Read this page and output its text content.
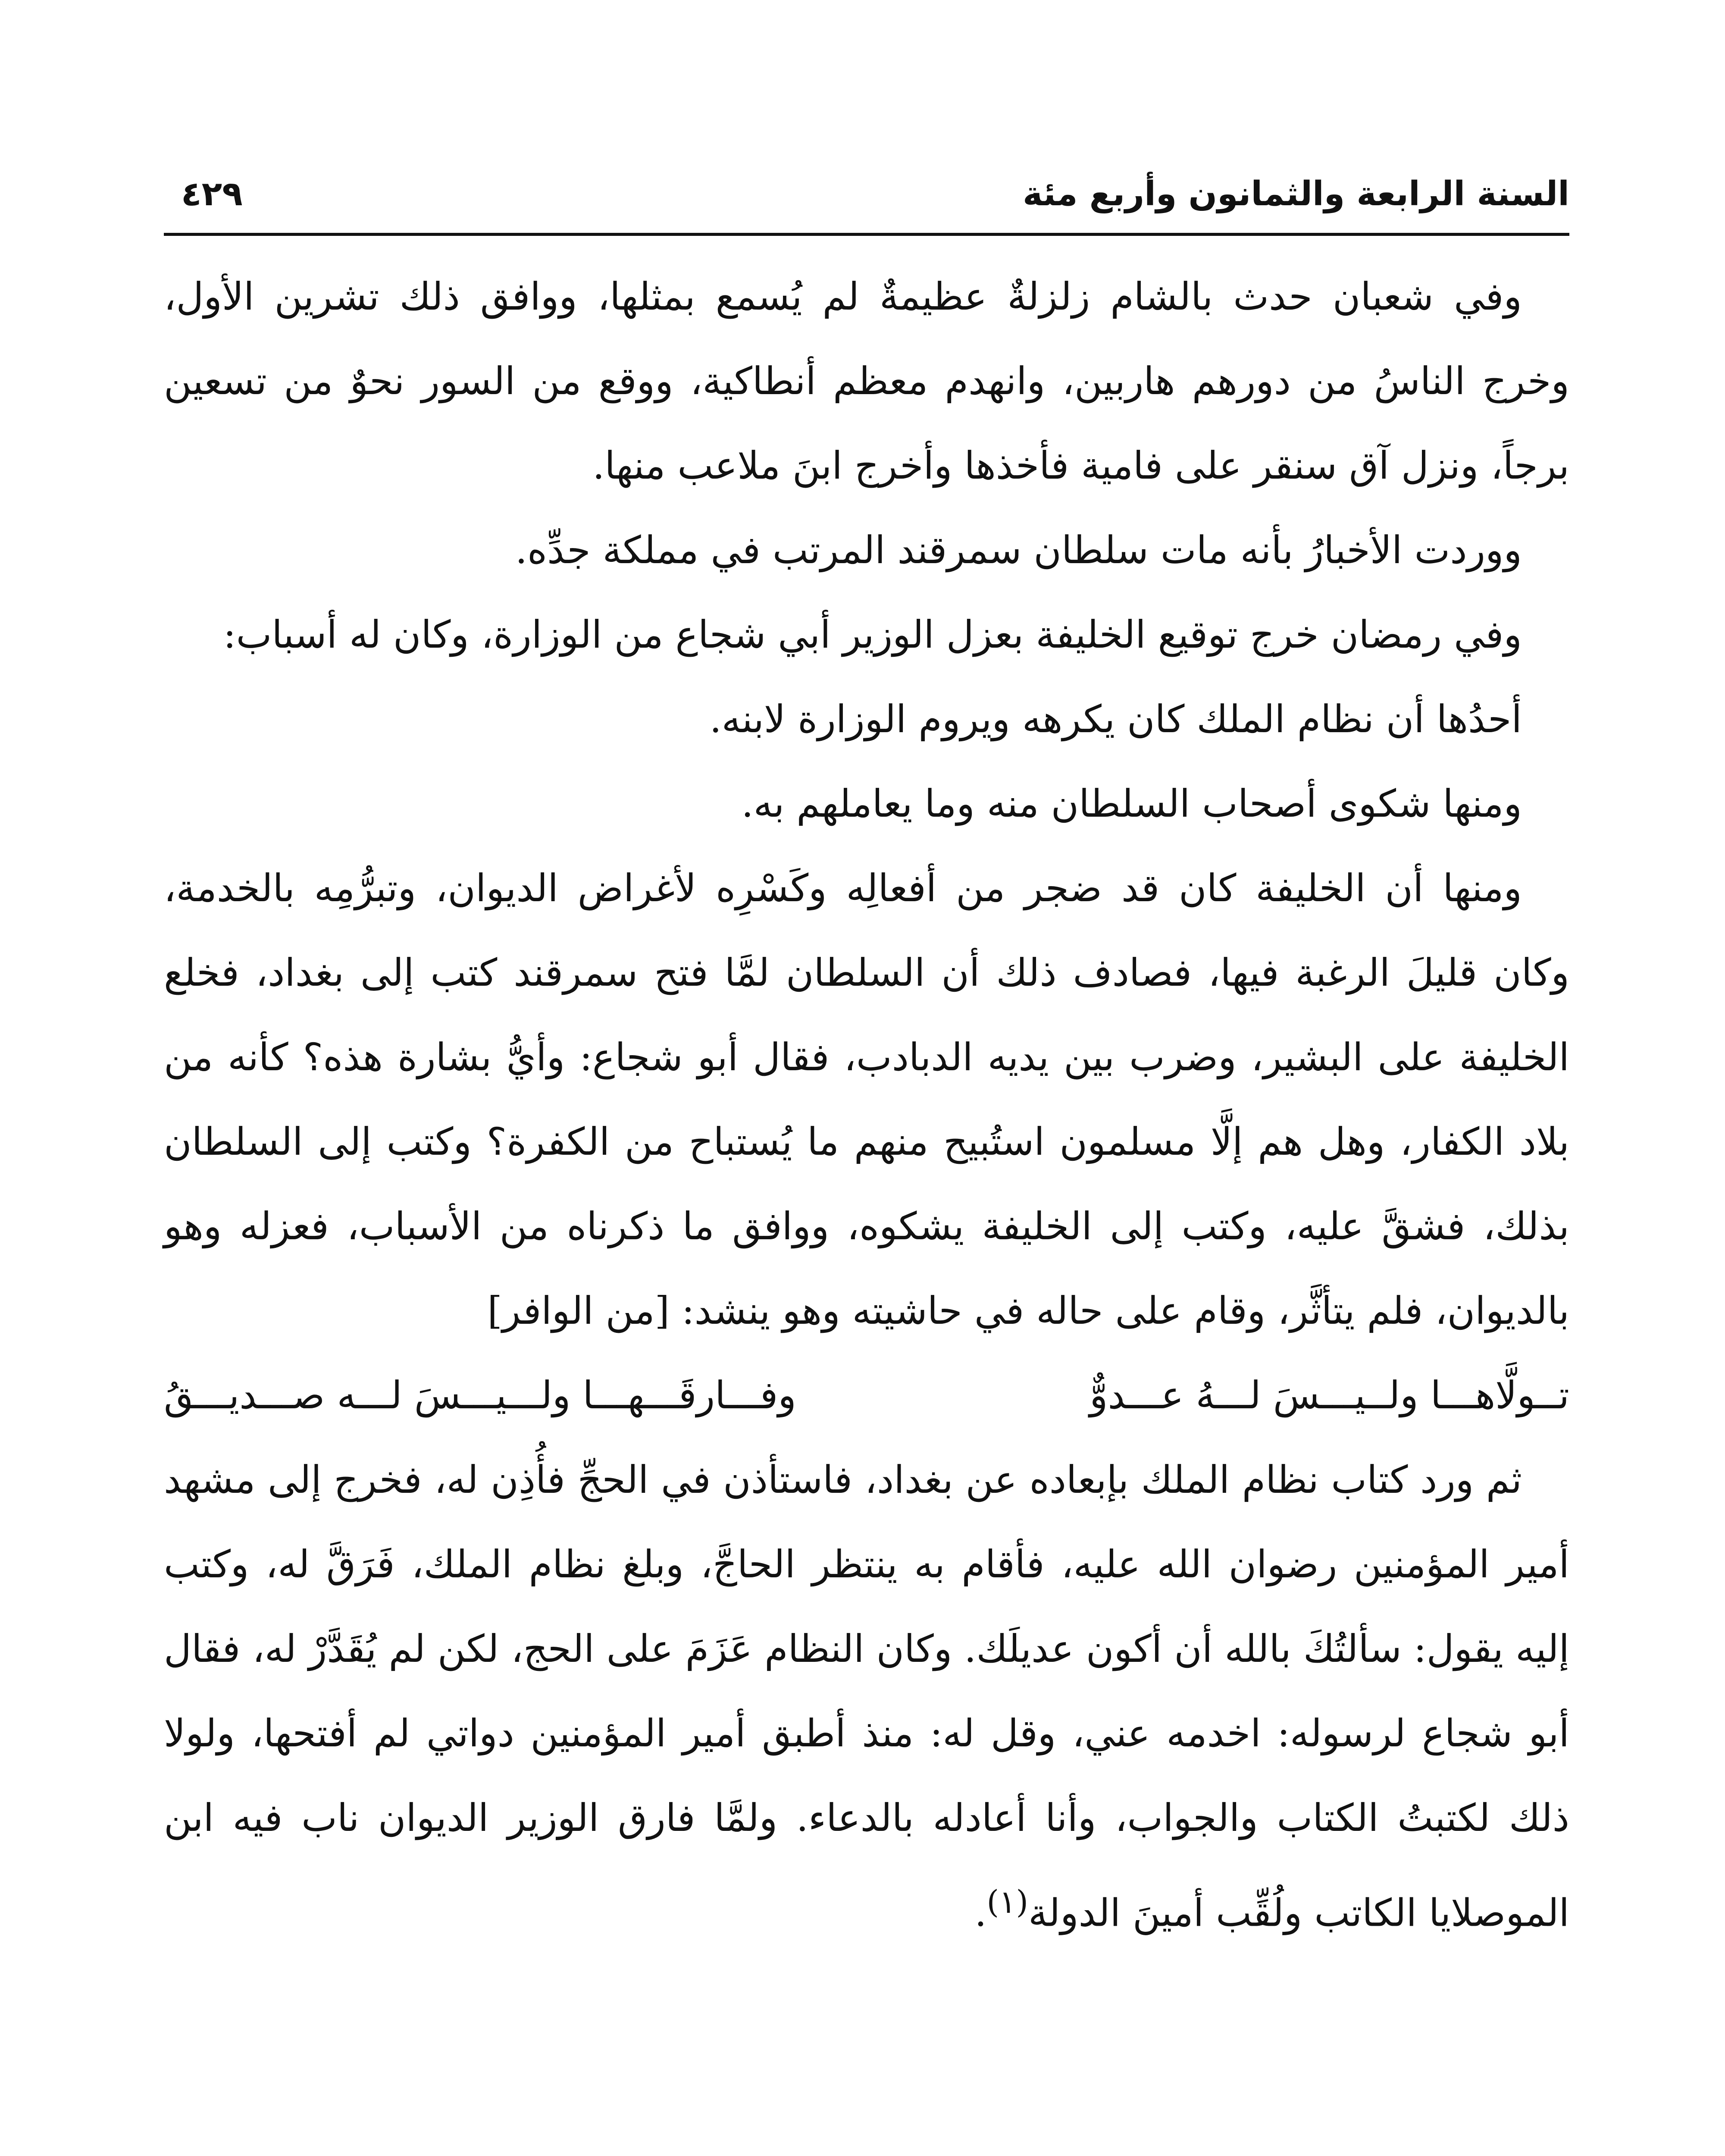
السنة الرابعة والثمانون وأربع مئة
٤٢٩

وفي شعبان حدث بالشام زلزلةٌ عظيمةٌ لم يُسمع بمثلها، ووافق ذلك تشرين الأول، وخرج الناسُ من دورهم هاربين، وانهدم معظم أنطاكية، ووقع من السور نحوٌ من تسعين برجاً، ونزل آق سنقر على فامية فأخذها وأخرج ابنَ ملاعب منها.

ووردت الأخبارُ بأنه مات سلطان سمرقند المرتب في مملكة جدِّه.

وفي رمضان خرج توقيع الخليفة بعزل الوزير أبي شجاع من الوزارة، وكان له أسباب:

أحدُها أن نظام الملك كان يكرهه ويروم الوزارة لابنه.

ومنها شكوى أصحاب السلطان منه وما يعاملهم به.

ومنها أن الخليفة كان قد ضجر من أفعالِه وكَسْرِه لأغراض الديوان، وتبرُّمِه بالخدمة، وكان قليلَ الرغبة فيها، فصادف ذلك أن السلطان لمَّا فتح سمرقند كتب إلى بغداد، فخلع الخليفة على البشير، وضرب بين يديه الدبادب، فقال أبو شجاع: وأيُّ بشارة هذه؟ كأنه من بلاد الكفار، وهل هم إلَّا مسلمون استُبيح منهم ما يُستباح من الكفرة؟ وكتب إلى السلطان بذلك، فشقَّ عليه، وكتب إلى الخليفة يشكوه، ووافق ما ذكرناه من الأسباب، فعزله وهو بالديوان، فلم يتأثَّر، وقام على حاله في حاشيته وهو ينشد: [من الوافر]

تــولَّاهـــا ولــيـــسَ لـــهُ عـــدوٌّ
وفـــارقَـــهـــا ولـــيـــسَ لـــه صـــديـــقُ

ثم ورد كتاب نظام الملك بإبعاده عن بغداد، فاستأذن في الحجِّ فأُذِن له، فخرج إلى مشهد أمير المؤمنين رضوان الله عليه، فأقام به ينتظر الحاجَّ، وبلغ نظام الملك، فَرَقَّ له، وكتب إليه يقول: سألتُكَ بالله أن أكون عديلَك. وكان النظام عَزَمَ على الحج، لكن لم يُقَدَّرْ له، فقال أبو شجاع لرسوله: اخدمه عني، وقل له: منذ أطبق أمير المؤمنين دواتي لم أفتحها، ولولا ذلك لكتبتُ الكتاب والجواب، وأنا أعادله بالدعاء. ولمَّا فارق الوزير الديوان ناب فيه ابن الموصلايا الكاتب ولُقِّب أمينَ الدولة$^{(١)}$.
